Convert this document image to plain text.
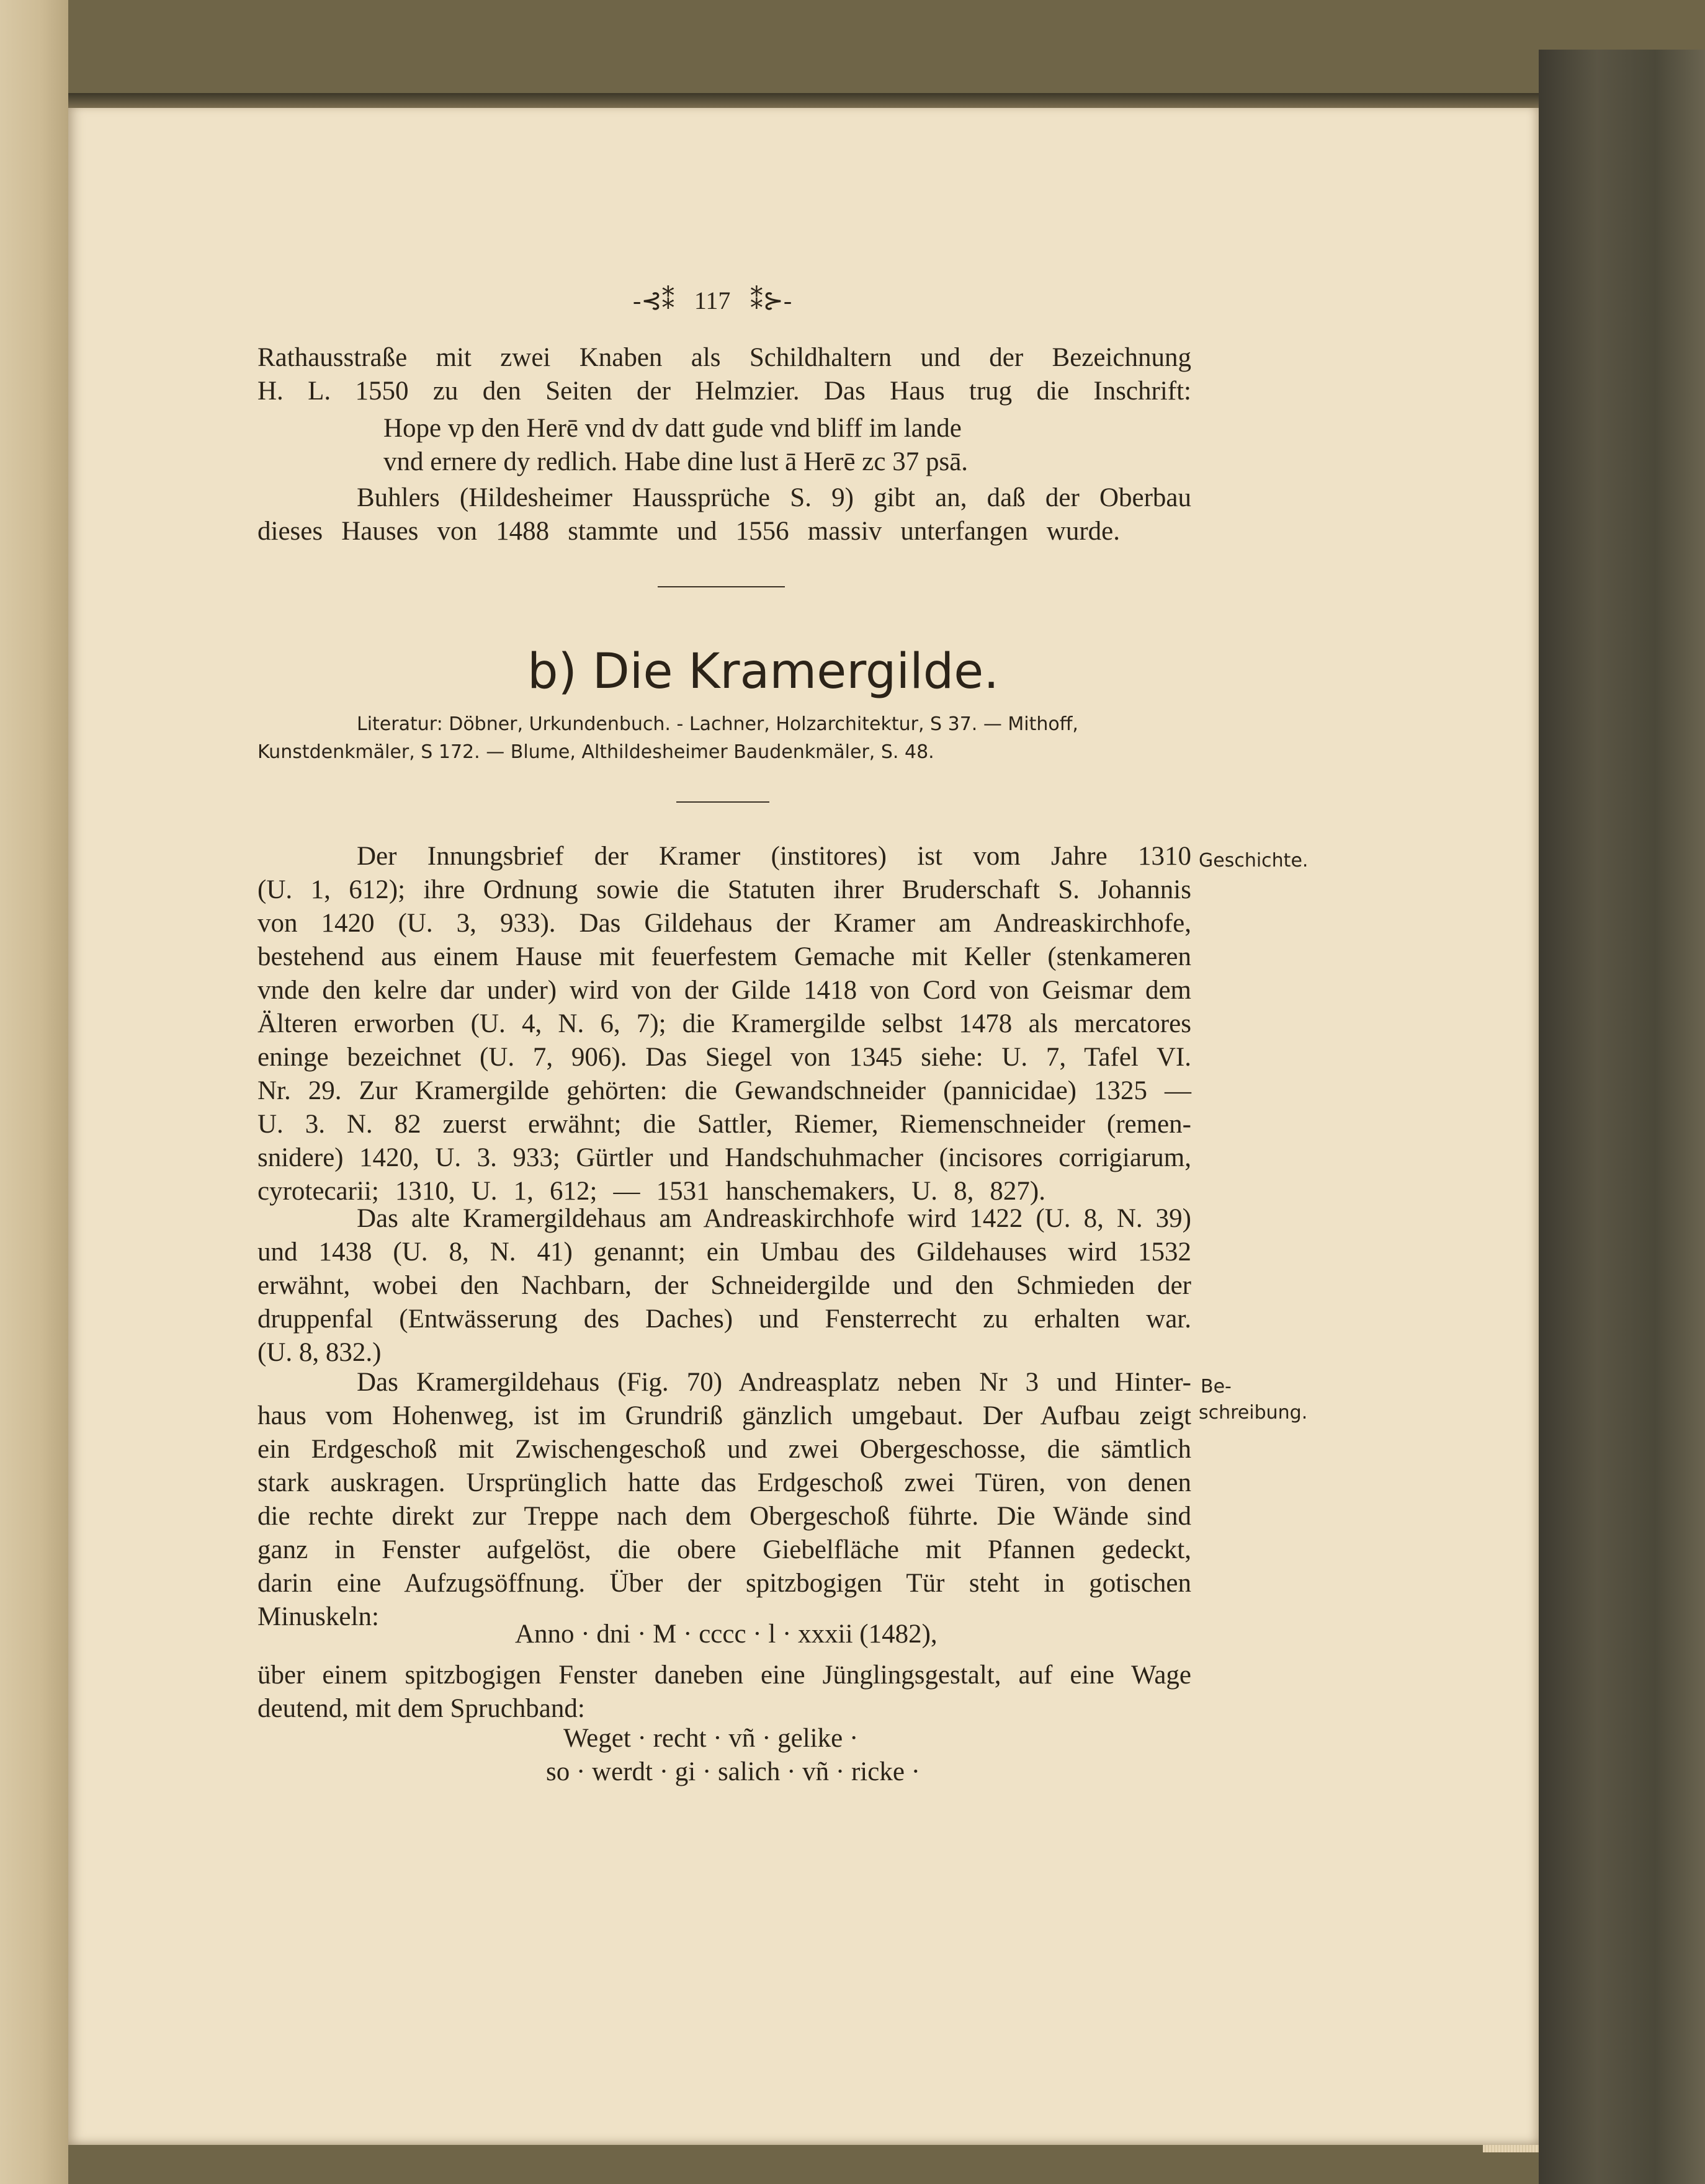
-⊰⁑ 117 ⁑⊱-
Rathausstraße mit zwei Knaben als Schildhaltern und der Bezeichnung
H. L. 1550 zu den Seiten der Helmzier. Das Haus trug die Inschrift:
Hope vp den Herē vnd dv datt gude vnd bliff im lande
vnd ernere dy redlich. Habe dine lust ā Herē zc 37 psā.
Buhlers (Hildesheimer Haussprüche S. 9) gibt an, daß der Oberbau
dieses Hauses von 1488 stammte und 1556 massiv unterfangen wurde.
b) Die Kramergilde.
Literatur: Döbner, Urkundenbuch. - Lachner, Holzarchitektur, S 37. — Mithoff,
Kunstdenkmäler, S 172. — Blume, Althildesheimer Baudenkmäler, S. 48.
Geschichte.
Be-
schreibung.
Der Innungsbrief der Kramer (institores) ist vom Jahre 1310
(U. 1, 612); ihre Ordnung sowie die Statuten ihrer Bruderschaft S. Johannis
von 1420 (U. 3, 933). Das Gildehaus der Kramer am Andreaskirchhofe,
bestehend aus einem Hause mit feuerfestem Gemache mit Keller (stenkameren
vnde den kelre dar under) wird von der Gilde 1418 von Cord von Geismar dem
Älteren erworben (U. 4, N. 6, 7); die Kramergilde selbst 1478 als mercatores
eninge bezeichnet (U. 7, 906). Das Siegel von 1345 siehe: U. 7, Tafel VI.
Nr. 29. Zur Kramergilde gehörten: die Gewandschneider (pannicidae) 1325 —
U. 3. N. 82 zuerst erwähnt; die Sattler, Riemer, Riemenschneider (remen-
snidere) 1420, U. 3. 933; Gürtler und Handschuhmacher (incisores corrigiarum,
cyrotecarii; 1310, U. 1, 612; — 1531 hanschemakers, U. 8, 827).
Das alte Kramergildehaus am Andreaskirchhofe wird 1422 (U. 8, N. 39)
und 1438 (U. 8, N. 41) genannt; ein Umbau des Gildehauses wird 1532
erwähnt, wobei den Nachbarn, der Schneidergilde und den Schmieden der
druppenfal (Entwässerung des Daches) und Fensterrecht zu erhalten war.
(U. 8, 832.)
Das Kramergildehaus (Fig. 70) Andreasplatz neben Nr 3 und Hinter-
haus vom Hohenweg, ist im Grundriß gänzlich umgebaut. Der Aufbau zeigt
ein Erdgeschoß mit Zwischengeschoß und zwei Obergeschosse, die sämtlich
stark auskragen. Ursprünglich hatte das Erdgeschoß zwei Türen, von denen
die rechte direkt zur Treppe nach dem Obergeschoß führte. Die Wände sind
ganz in Fenster aufgelöst, die obere Giebelfläche mit Pfannen gedeckt,
darin eine Aufzugsöffnung. Über der spitzbogigen Tür steht in gotischen
Minuskeln:
Anno · dni · M · cccc · l · xxxii (1482),
über einem spitzbogigen Fenster daneben eine Jünglingsgestalt, auf eine Wage
deutend, mit dem Spruchband:
Weget · recht · vñ · gelike ·
so · werdt · gi · salich · vñ · ricke ·
